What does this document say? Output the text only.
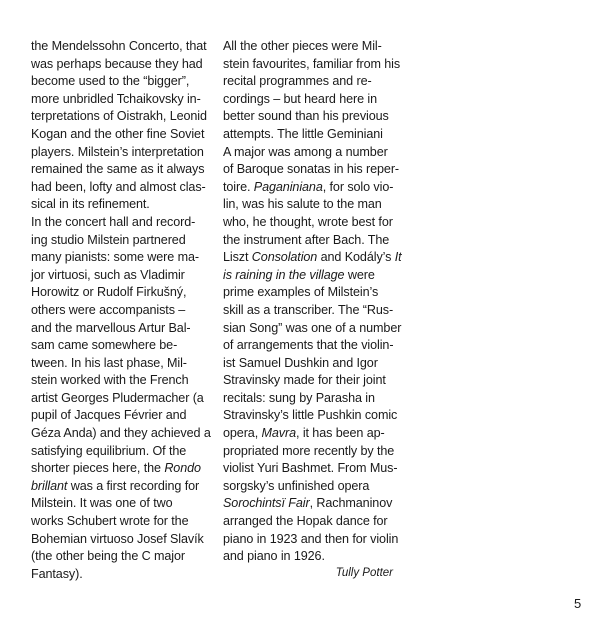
the Mendelssohn Concerto, that
was perhaps because they had
become used to the “bigger”,
more unbridled Tchaikovsky in-
terpretations of Oistrakh, Leonid
Kogan and the other fine Soviet
players. Milstein’s interpretation
remained the same as it always
had been, lofty and almost clas-
sical in its refinement.
In the concert hall and record-
ing studio Milstein partnered
many pianists: some were ma-
jor virtuosi, such as Vladimir
Horowitz or Rudolf Firkušný,
others were accompanists –
and the marvellous Artur Bal-
sam came somewhere be-
tween. In his last phase, Mil-
stein worked with the French
artist Georges Pludermacher (a
pupil of Jacques Février and
Géza Anda) and they achieved a
satisfying equilibrium. Of the
shorter pieces here, the Rondo
brillant was a first recording for
Milstein. It was one of two
works Schubert wrote for the
Bohemian virtuoso Josef Slavík
(the other being the C major
Fantasy).
All the other pieces were Mil-
stein favourites, familiar from his
recital programmes and re-
cordings – but heard here in
better sound than his previous
attempts. The little Geminiani
A major was among a number
of Baroque sonatas in his reper-
toire. Paganiniana, for solo vio-
lin, was his salute to the man
who, he thought, wrote best for
the instrument after Bach. The
Liszt Consolation and Kodály’s It
is raining in the village were
prime examples of Milstein’s
skill as a transcriber. The “Rus-
sian Song” was one of a number
of arrangements that the violin-
ist Samuel Dushkin and Igor
Stravinsky made for their joint
recitals: sung by Parasha in
Stravinsky’s little Pushkin comic
opera, Mavra, it has been ap-
propriated more recently by the
violist Yuri Bashmet. From Mus-
sorgsky’s unfinished opera
Sorochintsï Fair, Rachmaninov
arranged the Hopak dance for
piano in 1923 and then for violin
and piano in 1926.
Tully Potter
5
